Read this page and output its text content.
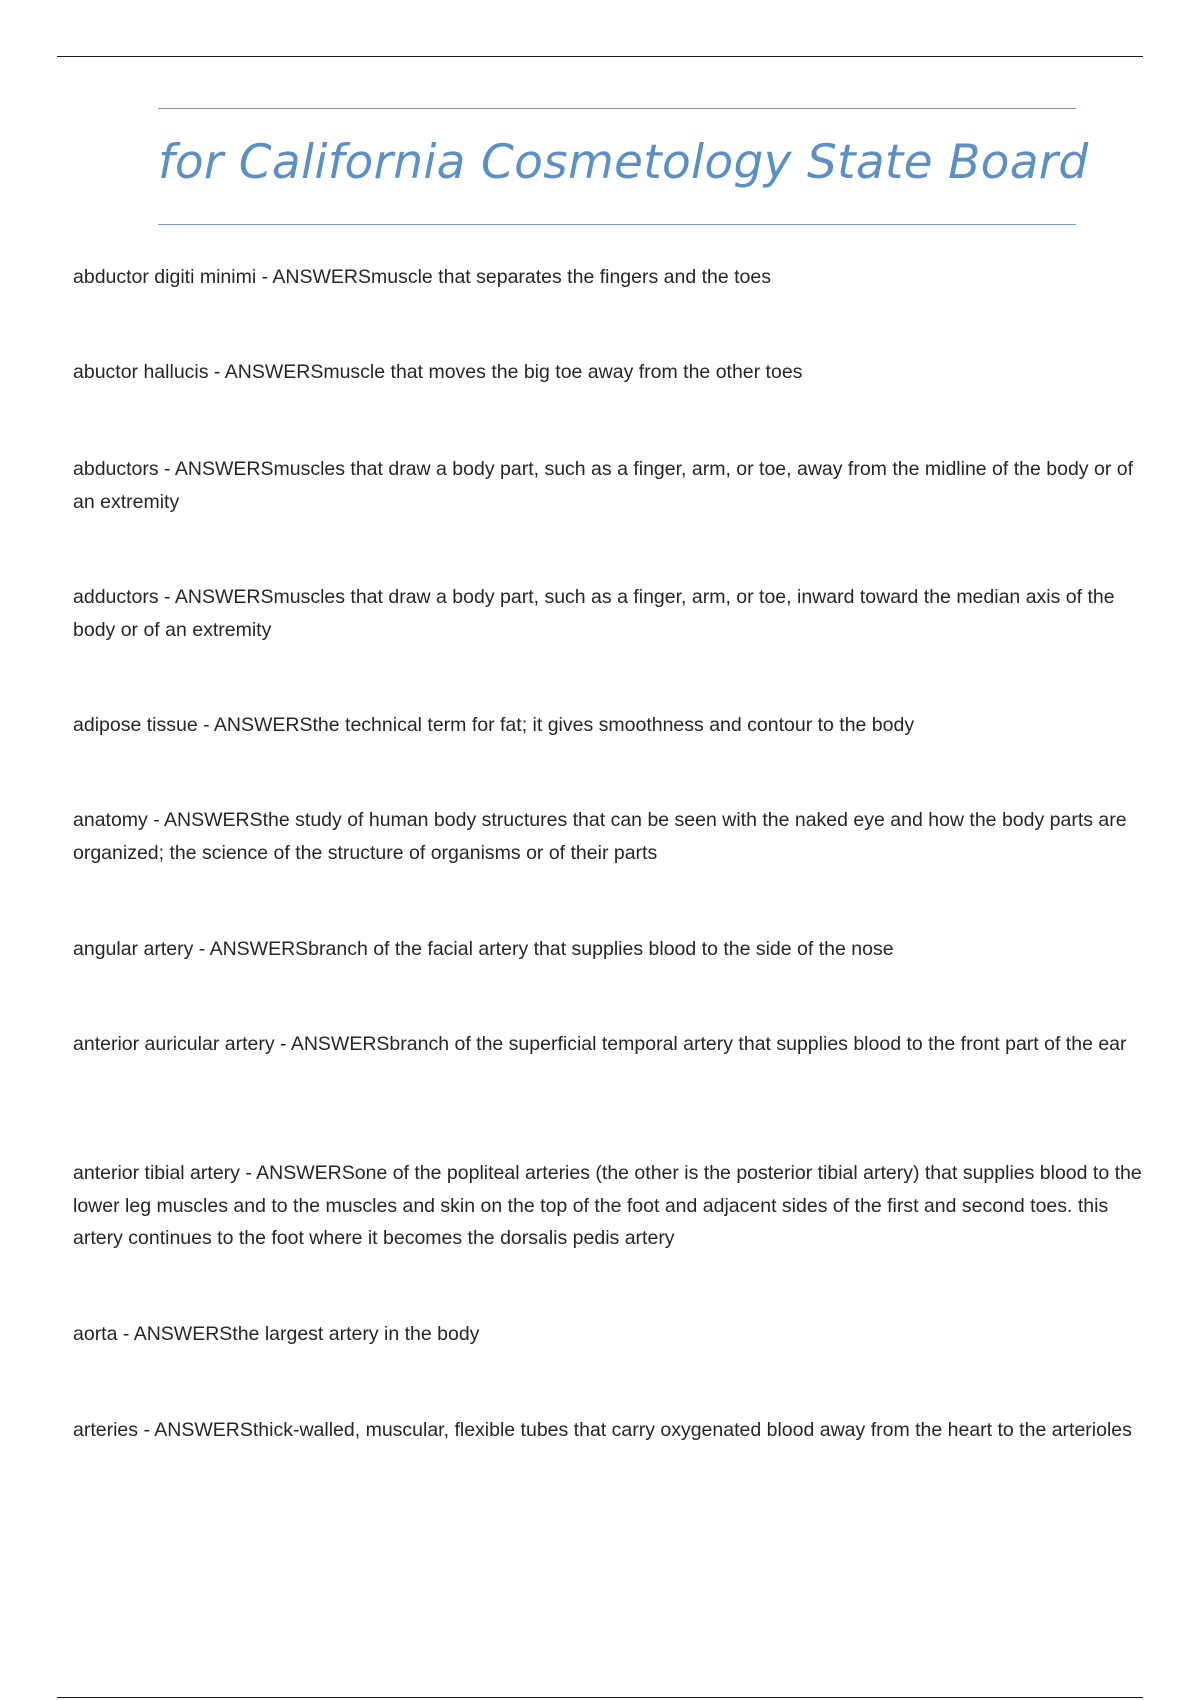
for California Cosmetology State Board

abductor digiti minimi - ANSWERSmuscle that separates the fingers and the toes

abuctor hallucis - ANSWERSmuscle that moves the big toe away from the other toes

abductors - ANSWERSmuscles that draw a body part, such as a finger, arm, or toe, away from the midline of the body or of an extremity

adductors - ANSWERSmuscles that draw a body part, such as a finger, arm, or toe, inward toward the median axis of the body or of an extremity

adipose tissue - ANSWERSthe technical term for fat; it gives smoothness and contour to the body

anatomy - ANSWERSthe study of human body structures that can be seen with the naked eye and how the body parts are organized; the science of the structure of organisms or of their parts

angular artery - ANSWERSbranch of the facial artery that supplies blood to the side of the nose

anterior auricular artery - ANSWERSbranch of the superficial temporal artery that supplies blood to the front part of the ear

anterior tibial artery - ANSWERSone of the popliteal arteries (the other is the posterior tibial artery) that supplies blood to the lower leg muscles and to the muscles and skin on the top of the foot and adjacent sides of the first and second toes. this artery continues to the foot where it becomes the dorsalis pedis artery

aorta - ANSWERSthe largest artery in the body

arteries - ANSWERSthick-walled, muscular, flexible tubes that carry oxygenated blood away from the heart to the arterioles
